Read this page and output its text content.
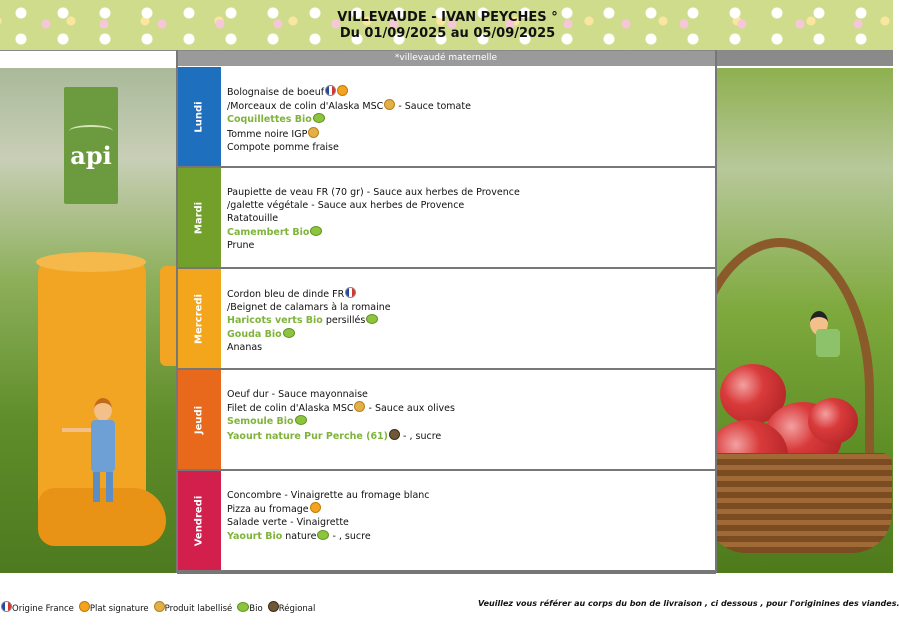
VILLEVAUDE - IVAN PEYCHES °
Du 01/09/2025 au 05/09/2025
api
*villevaudé maternelle
Lundi
Bolognaise de boeuf
/Morceaux de colin d'Alaska MSC - Sauce tomate
Coquillettes Bio
Tomme noire IGP
Compote pomme fraise
Mardi
Paupiette de veau FR (70 gr) - Sauce aux herbes de Provence
/galette végétale - Sauce aux herbes de Provence
Ratatouille
Camembert Bio
Prune
Mercredi Cordon bleu de dinde FR
/Beignet de calamars à la romaine
Haricots verts Bio persillés
Gouda Bio
Ananas
Jeudi
Oeuf dur - Sauce mayonnaise
Filet de colin d'Alaska MSC - Sauce aux olives
Semoule Bio
Yaourt nature Pur Perche (61) - , sucre
Vendredi Concombre - Vinaigrette au fromage blanc
Pizza au fromage
Salade verte - Vinaigrette
Yaourt Bio nature - , sucre
Origine France Plat signature Produit labellisé Bio Régional
Veuillez vous référer au corps du bon de livraison , ci dessous , pour l'originines des viandes.
